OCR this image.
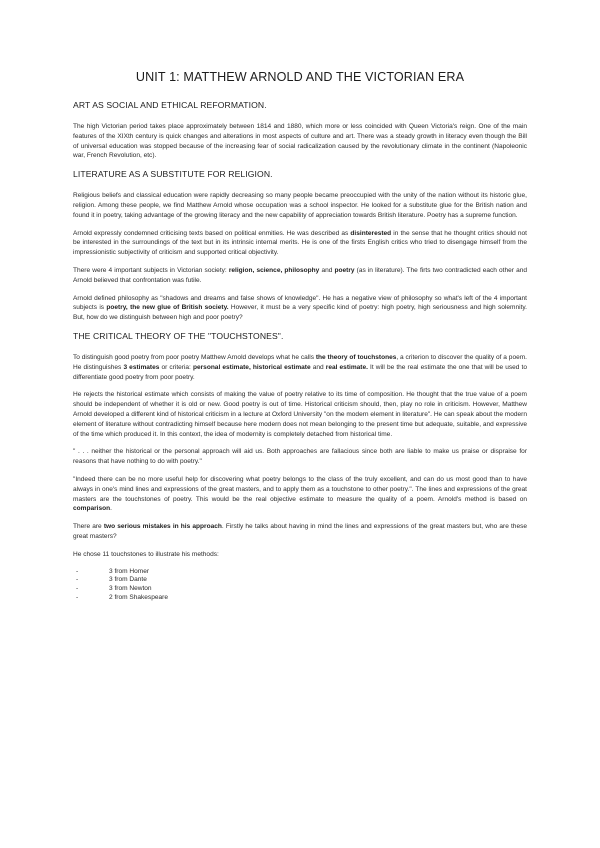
UNIT 1: MATTHEW ARNOLD AND THE VICTORIAN ERA
ART AS SOCIAL AND ETHICAL REFORMATION.

The high Victorian period takes place approximately between 1814 and 1880, which more or less coincided with Queen Victoria's reign. One of the main features of the XIXth century is quick changes and alterations in most aspects of culture and art. There was a steady growth in literacy even though the Bill of universal education was stopped because of the increasing fear of social radicalization caused by the revolutionary climate in the continent (Napoleonic war, French Revolution, etc).

LITERATURE AS A SUBSTITUTE FOR RELIGION.

Religious beliefs and classical education were rapidly decreasing so many people became preoccupied with the unity of the nation without its historic glue, religion. Among these people, we find Matthew Arnold whose occupation was a school inspector. He looked for a substitute glue for the British nation and found it in poetry, taking advantage of the growing literacy and the new capability of appreciation towards British literature. Poetry has a supreme function.

Arnold expressly condemned criticising texts based on political enmities. He was described as disinterested in the sense that he thought critics should not be interested in the surroundings of the text but in its intrinsic internal merits. He is one of the firsts English critics who tried to disengage himself from the impressionistic subjectivity of criticism and supported critical objectivity.

There were 4 important subjects in Victorian society: religion, science, philosophy and poetry (as in literature). The firts two contradicted each other and Arnold believed that confrontation was futile.

Arnold defined philosophy as "shadows and dreams and false shows of knowledge". He has a negative view of philosophy so what's left of the 4 important subjects is poetry, the new glue of British society. However, it must be a very specific kind of poetry: high poetry, high seriousness and high solemnity. But, how do we distinguish between high and poor poetry?

THE CRITICAL THEORY OF THE "TOUCHSTONES".

To distinguish good poetry from poor poetry Matthew Arnold develops what he calls the theory of touchstones, a criterion to discover the quality of a poem. He distinguishes 3 estimates or criteria: personal estimate, historical estimate and real estimate. It will be the real estimate the one that will be used to differentiate good poetry from poor poetry.

He rejects the historical estimate which consists of making the value of poetry relative to its time of composition. He thought that the true value of a poem should be independent of whether it is old or new. Good poetry is out of time. Historical criticism should, then, play no role in criticism. However, Matthew Arnold developed a different kind of historical criticism in a lecture at Oxford University "on the modern element in literature". He can speak about the modern element of literature without contradicting himself because here modern does not mean belonging to the present time but adequate, suitable, and expressive of the time which produced it. In this context, the idea of modernity is completely detached from historical time.

" . . . neither the historical or the personal approach will aid us. Both approaches are fallacious since both are liable to make us praise or dispraise for reasons that have nothing to do with poetry."

"Indeed there can be no more useful help for discovering what poetry belongs to the class of the truly excellent, and can do us most good than to have always in one's mind lines and expressions of the great masters, and to apply them as a touchstone to other poetry.". The lines and expressions of the great masters are the touchstones of poetry. This would be the real objective estimate to measure the quality of a poem. Arnold's method is based on comparison.

There are two serious mistakes in his approach. Firstly he talks about having in mind the lines and expressions of the great masters but, who are these great masters?

He chose 11 touchstones to illustrate his methods:

-	3 from Homer
-	3 from Dante
-	3 from Newton
-	2 from Shakespeare
